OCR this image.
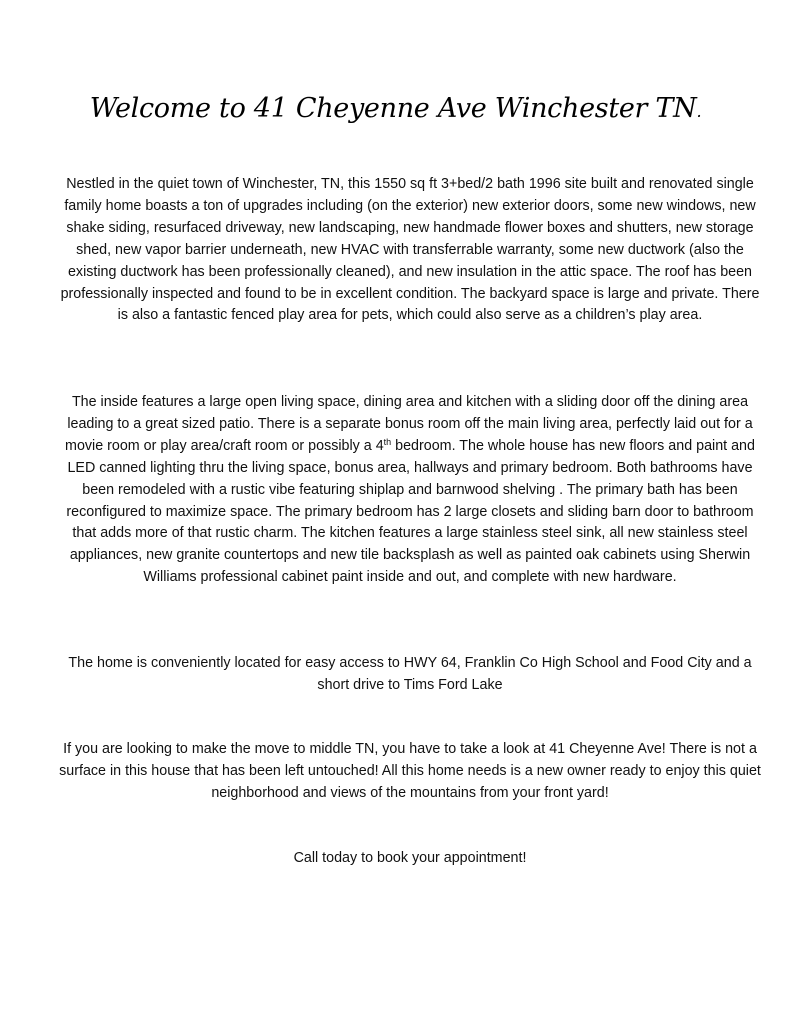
Welcome to 41 Cheyenne Ave Winchester TN.

Nestled in the quiet town of Winchester, TN, this 1550 sq ft 3+bed/2 bath 1996 site built and renovated single family home boasts a ton of upgrades including (on the exterior) new exterior doors, some new windows, new shake siding, resurfaced driveway, new landscaping, new handmade flower boxes and shutters, new storage shed, new vapor barrier underneath, new HVAC with transferrable warranty, some new ductwork (also the existing ductwork has been professionally cleaned), and new insulation in the attic space. The roof has been professionally inspected and found to be in excellent condition. The backyard space is large and private. There is also a fantastic fenced play area for pets, which could also serve as a children’s play area.

The inside features a large open living space, dining area and kitchen with a sliding door off the dining area leading to a great sized patio. There is a separate bonus room off the main living area, perfectly laid out for a movie room or play area/craft room or possibly a 4th bedroom. The whole house has new floors and paint and LED canned lighting thru the living space, bonus area, hallways and primary bedroom. Both bathrooms have been remodeled with a rustic vibe featuring shiplap and barnwood shelving . The primary bath has been reconfigured to maximize space. The primary bedroom has 2 large closets and sliding barn door to bathroom that adds more of that rustic charm. The kitchen features a large stainless steel sink, all new stainless steel appliances, new granite countertops and new tile backsplash as well as painted oak cabinets using Sherwin Williams professional cabinet paint inside and out, and complete with new hardware.

The home is conveniently located for easy access to HWY 64, Franklin Co High School and Food City and a short drive to Tims Ford Lake

If you are looking to make the move to middle TN, you have to take a look at 41 Cheyenne Ave! There is not a surface in this house that has been left untouched! All this home needs is a new owner ready to enjoy this quiet neighborhood and views of the mountains from your front yard!

Call today to book your appointment!
